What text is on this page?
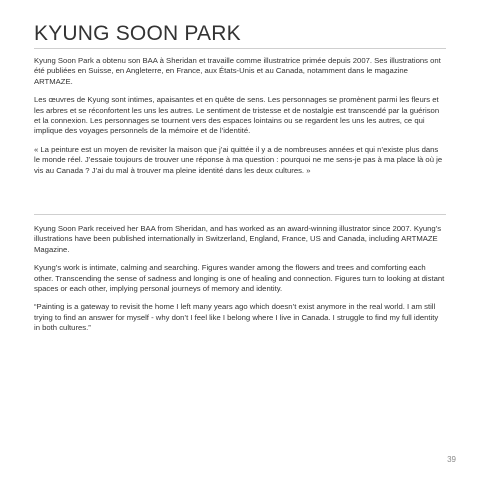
KYUNG SOON PARK

Kyung Soon Park a obtenu son BAA à Sheridan et travaille comme illustratrice primée depuis 2007. Ses illustrations ont été publiées en Suisse, en Angleterre, en France, aux États-Unis et au Canada, notamment dans le magazine ARTMAZE.

Les œuvres de Kyung sont intimes, apaisantes et en quête de sens. Les personnages se promènent parmi les fleurs et les arbres et se réconfortent les uns les autres. Le sentiment de tristesse et de nostalgie est transcendé par la guérison et la connexion. Les personnages se tournent vers des espaces lointains ou se regardent les uns les autres, ce qui implique des voyages personnels de la mémoire et de l’identité.

« La peinture est un moyen de revisiter la maison que j’ai quittée il y a de nombreuses années et qui n’existe plus dans le monde réel. J’essaie toujours de trouver une réponse à ma question : pourquoi ne me sens-je pas à ma place là où je vis au Canada ? J’ai du mal à trouver ma pleine identité dans les deux cultures. »

Kyung Soon Park received her BAA from Sheridan, and has worked as an award-winning illustrator since 2007. Kyung’s illustrations have been published internationally in Switzerland, England, France, US and Canada, including ARTMAZE Magazine.

Kyung’s work is intimate, calming and searching. Figures wander among the flowers and trees and comforting each other. Transcending the sense of sadness and longing is one of healing and connection. Figures turn to looking at distant spaces or each other, implying personal journeys of memory and identity.

“Painting is a gateway to revisit the home I left many years ago which doesn’t exist anymore in the real world. I am still trying to find an answer for myself - why don’t I feel like I belong where I live in Canada. I struggle to find my full identity in both cultures.”

39
